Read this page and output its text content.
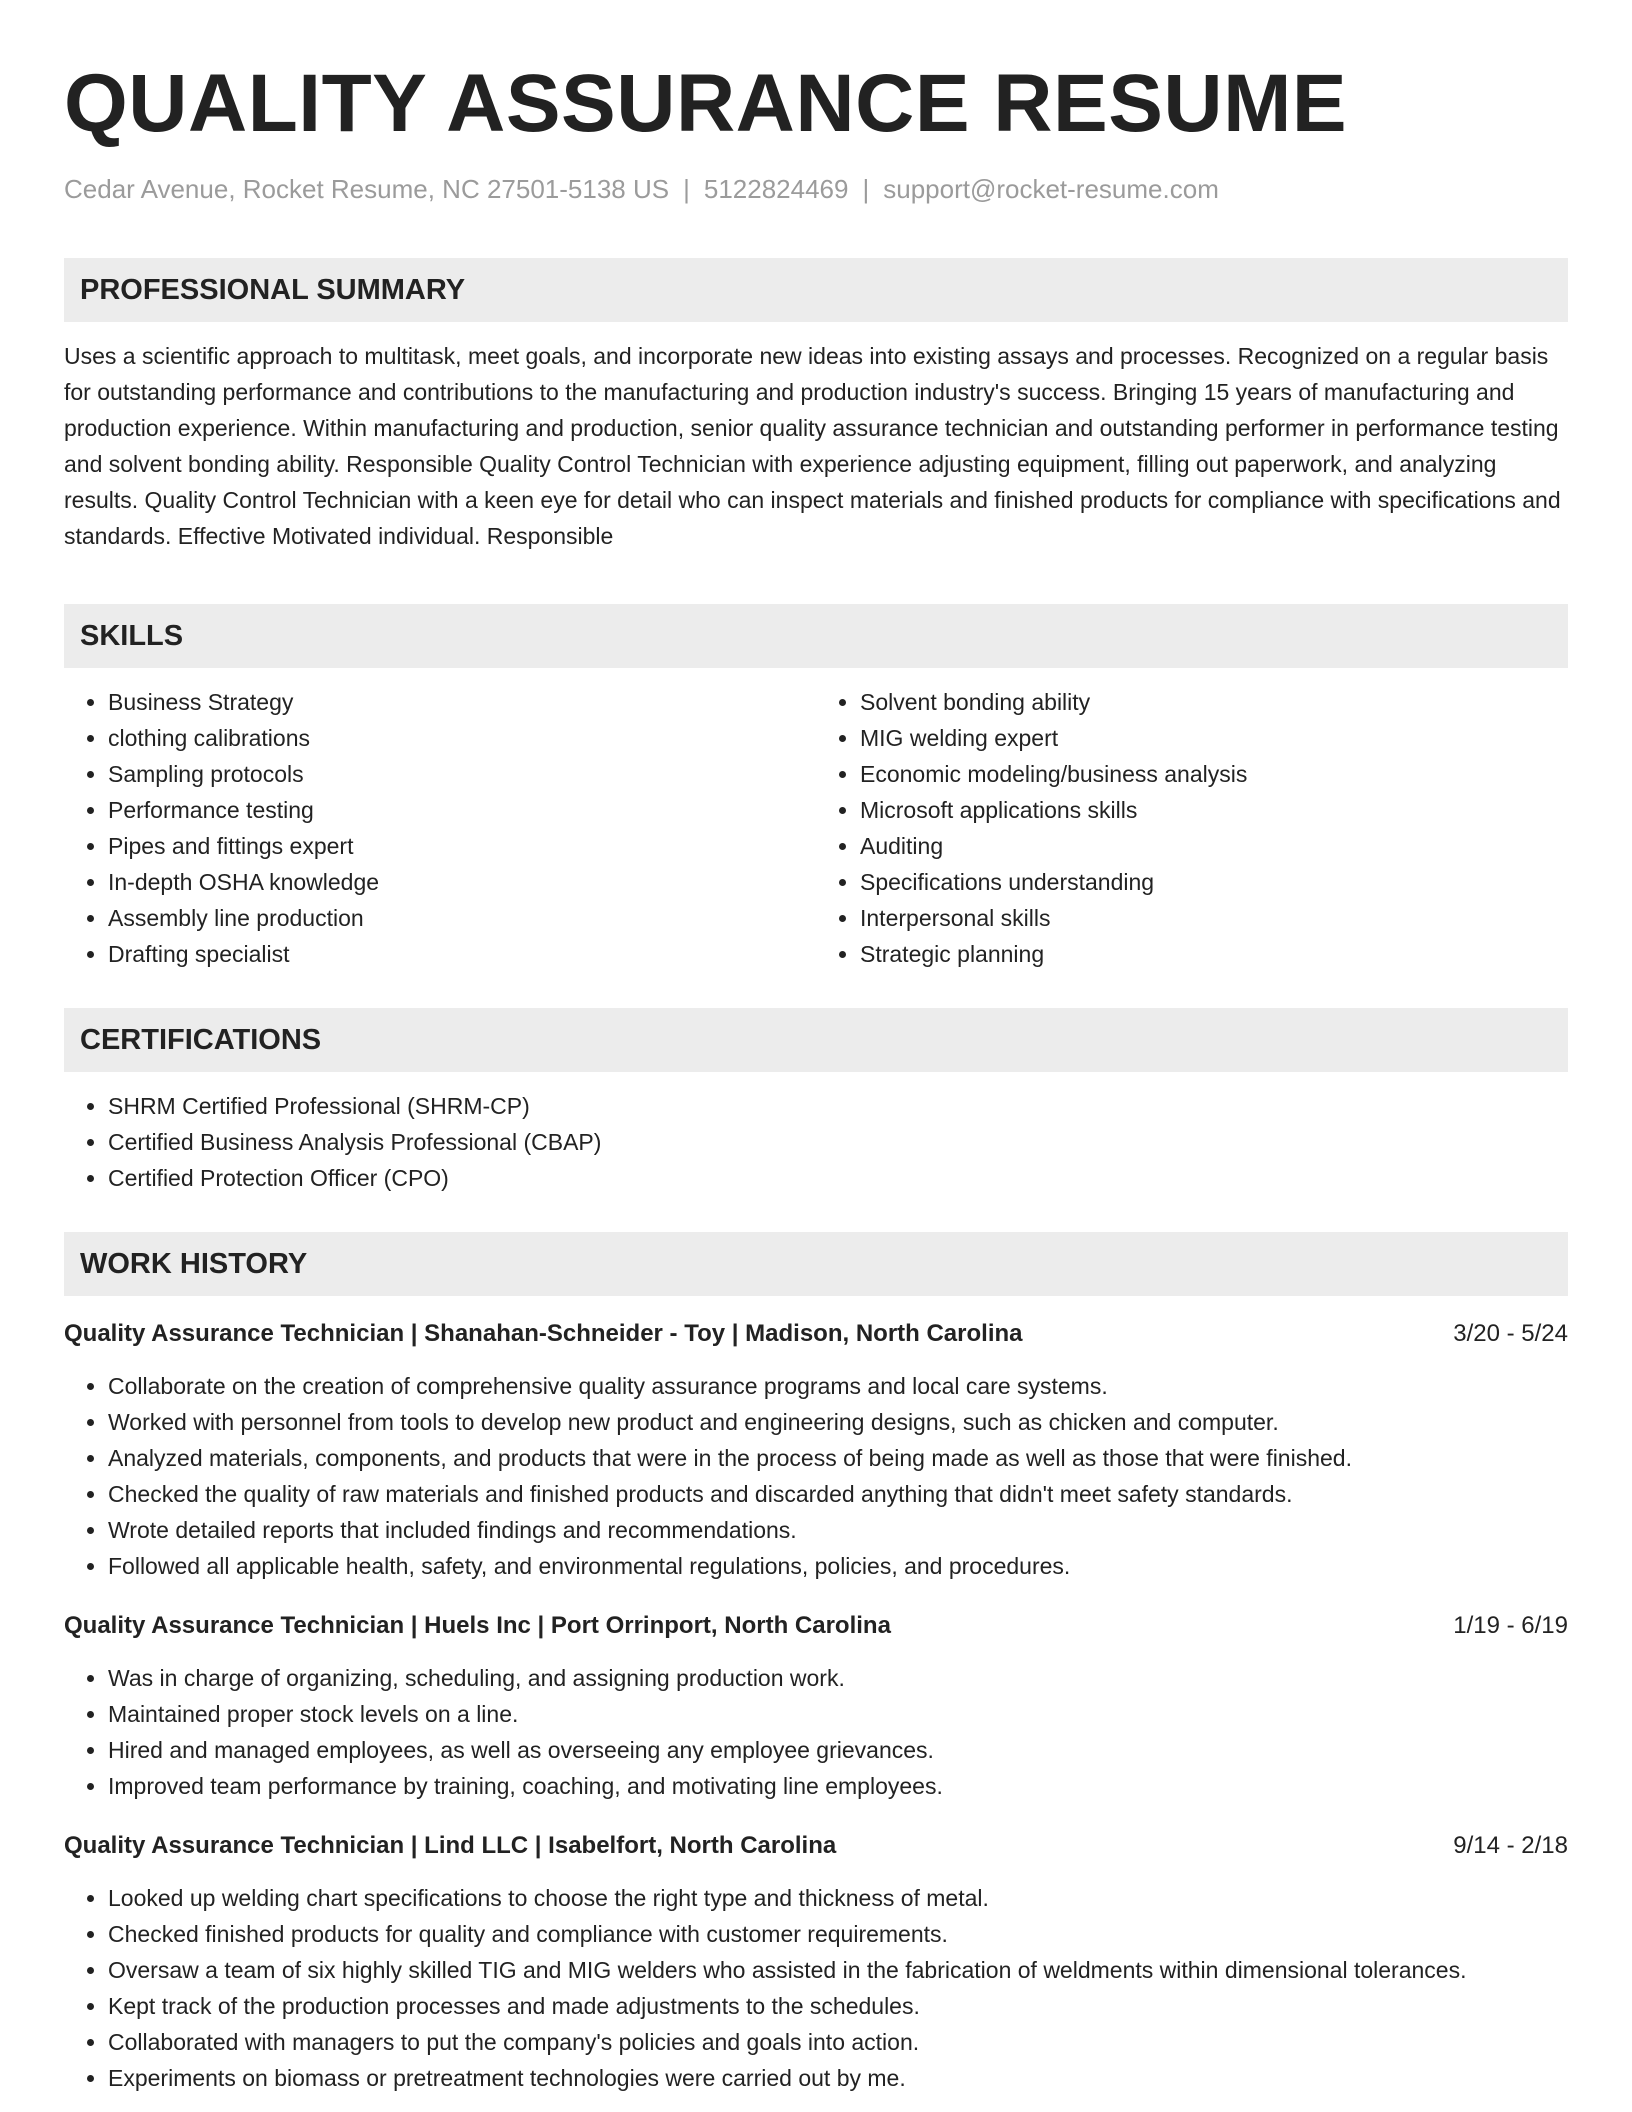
QUALITY ASSURANCE RESUME
Cedar Avenue, Rocket Resume, NC 27501-5138 US | 5122824469 | support@rocket-resume.com
PROFESSIONAL SUMMARY
Uses a scientific approach to multitask, meet goals, and incorporate new ideas into existing assays and processes. Recognized on a regular basis for outstanding performance and contributions to the manufacturing and production industry's success. Bringing 15 years of manufacturing and production experience. Within manufacturing and production, senior quality assurance technician and outstanding performer in performance testing and solvent bonding ability. Responsible Quality Control Technician with experience adjusting equipment, filling out paperwork, and analyzing results. Quality Control Technician with a keen eye for detail who can inspect materials and finished products for compliance with specifications and standards. Effective Motivated individual. Responsible
SKILLS
• Business Strategy
• clothing calibrations
• Sampling protocols
• Performance testing
• Pipes and fittings expert
• In-depth OSHA knowledge
• Assembly line production
• Drafting specialist
• Solvent bonding ability
• MIG welding expert
• Economic modeling/business analysis
• Microsoft applications skills
• Auditing
• Specifications understanding
• Interpersonal skills
• Strategic planning
CERTIFICATIONS
• SHRM Certified Professional (SHRM-CP)
• Certified Business Analysis Professional (CBAP)
• Certified Protection Officer (CPO)
WORK HISTORY
Quality Assurance Technician | Shanahan-Schneider - Toy | Madison, North Carolina	3/20 - 5/24
• Collaborate on the creation of comprehensive quality assurance programs and local care systems.
• Worked with personnel from tools to develop new product and engineering designs, such as chicken and computer.
• Analyzed materials, components, and products that were in the process of being made as well as those that were finished.
• Checked the quality of raw materials and finished products and discarded anything that didn't meet safety standards.
• Wrote detailed reports that included findings and recommendations.
• Followed all applicable health, safety, and environmental regulations, policies, and procedures.
Quality Assurance Technician | Huels Inc | Port Orrinport, North Carolina	1/19 - 6/19
• Was in charge of organizing, scheduling, and assigning production work.
• Maintained proper stock levels on a line.
• Hired and managed employees, as well as overseeing any employee grievances.
• Improved team performance by training, coaching, and motivating line employees.
Quality Assurance Technician | Lind LLC | Isabelfort, North Carolina	9/14 - 2/18
• Looked up welding chart specifications to choose the right type and thickness of metal.
• Checked finished products for quality and compliance with customer requirements.
• Oversaw a team of six highly skilled TIG and MIG welders who assisted in the fabrication of weldments within dimensional tolerances.
• Kept track of the production processes and made adjustments to the schedules.
• Collaborated with managers to put the company's policies and goals into action.
• Experiments on biomass or pretreatment technologies were carried out by me.
